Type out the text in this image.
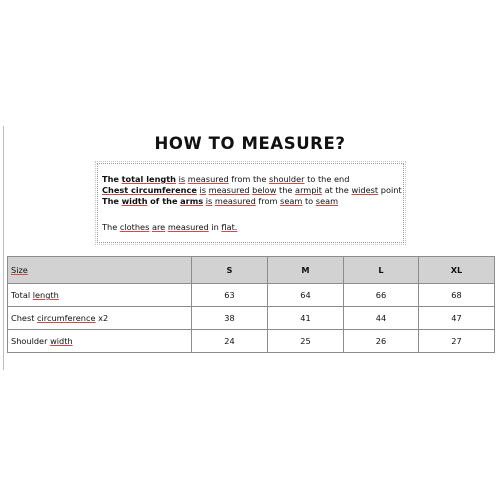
HOW TO MEASURE?
The total length is measured from the shoulder to the end
Chest circumference is measured below the armpit at the widest point
The width of the arms is measured from seam to seam
The clothes are measured in flat.
Size	S	M	L	XL
Total length	63	64	66	68
Chest circumference x2	38	41	44	47
Shoulder width	24	25	26	27
